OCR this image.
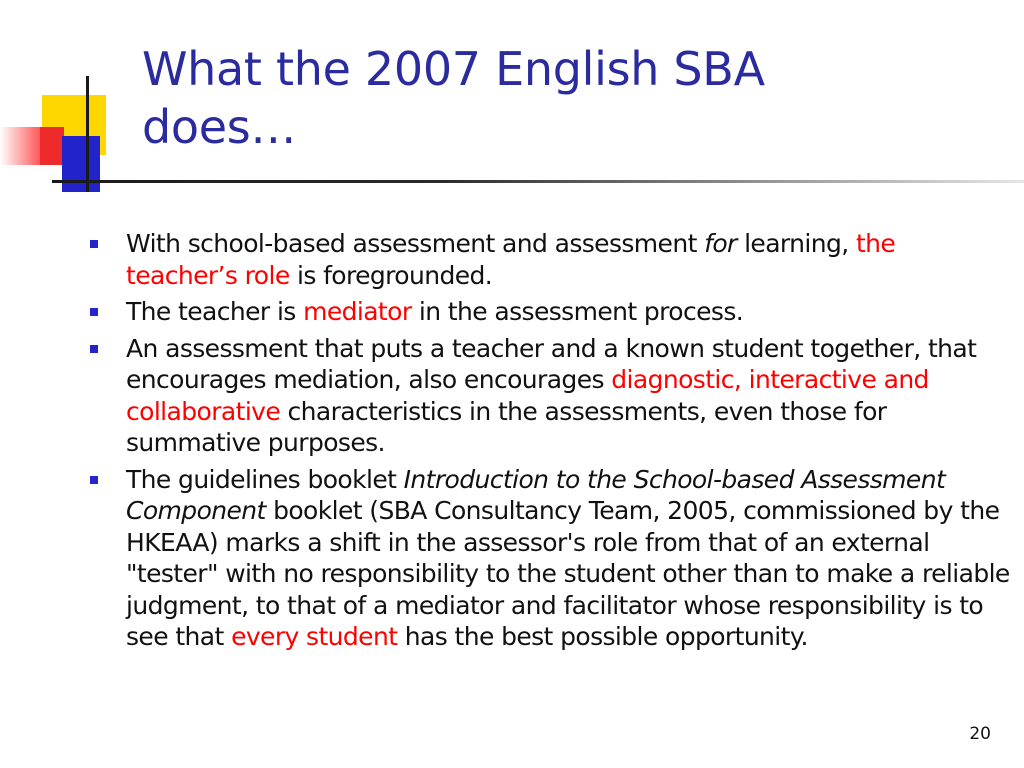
What the 2007 English SBA
does…
With school-based assessment and assessment for learning, the teacher’s role is foregrounded.
The teacher is mediator in the assessment process.
An assessment that puts a teacher and a known student together, that encourages mediation, also encourages diagnostic, interactive and collaborative characteristics in the assessments, even those for summative purposes.
The guidelines booklet Introduction to the School-based Assessment Component booklet (SBA Consultancy Team, 2005, commissioned by the HKEAA) marks a shift in the assessor's role from that of an external "tester" with no responsibility to the student other than to make a reliable judgment, to that of a mediator and facilitator whose responsibility is to see that every student has the best possible opportunity.
20
